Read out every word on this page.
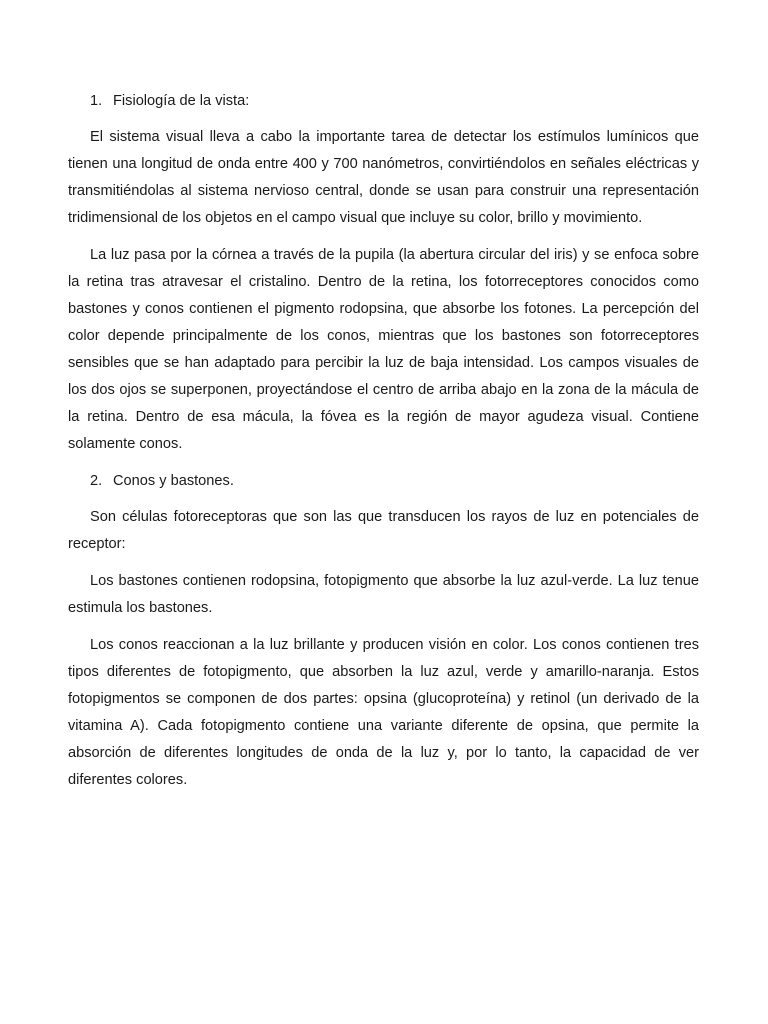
1. Fisiología de la vista:

El sistema visual lleva a cabo la importante tarea de detectar los estímulos lumínicos que tienen una longitud de onda entre 400 y 700 nanómetros, convirtiéndolos en señales eléctricas y transmitiéndolas al sistema nervioso central, donde se usan para construir una representación tridimensional de los objetos en el campo visual que incluye su color, brillo y movimiento.

La luz pasa por la córnea a través de la pupila (la abertura circular del iris) y se enfoca sobre la retina tras atravesar el cristalino. Dentro de la retina, los fotorreceptores conocidos como bastones y conos contienen el pigmento rodopsina, que absorbe los fotones. La percepción del color depende principalmente de los conos, mientras que los bastones son fotorreceptores sensibles que se han adaptado para percibir la luz de baja intensidad. Los campos visuales de los dos ojos se superponen, proyectándose el centro de arriba abajo en la zona de la mácula de la retina. Dentro de esa mácula, la fóvea es la región de mayor agudeza visual. Contiene solamente conos.

2. Conos y bastones.

Son células fotoreceptoras que son las que transducen los rayos de luz en potenciales de receptor:

Los bastones contienen rodopsina, fotopigmento que absorbe la luz azul-verde. La luz tenue estimula los bastones.

Los conos reaccionan a la luz brillante y producen visión en color. Los conos contienen tres tipos diferentes de fotopigmento, que absorben la luz azul, verde y amarillo-naranja. Estos fotopigmentos se componen de dos partes: opsina (glucoproteína) y retinol (un derivado de la vitamina A). Cada fotopigmento contiene una variante diferente de opsina, que permite la absorción de diferentes longitudes de onda de la luz y, por lo tanto, la capacidad de ver diferentes colores.
